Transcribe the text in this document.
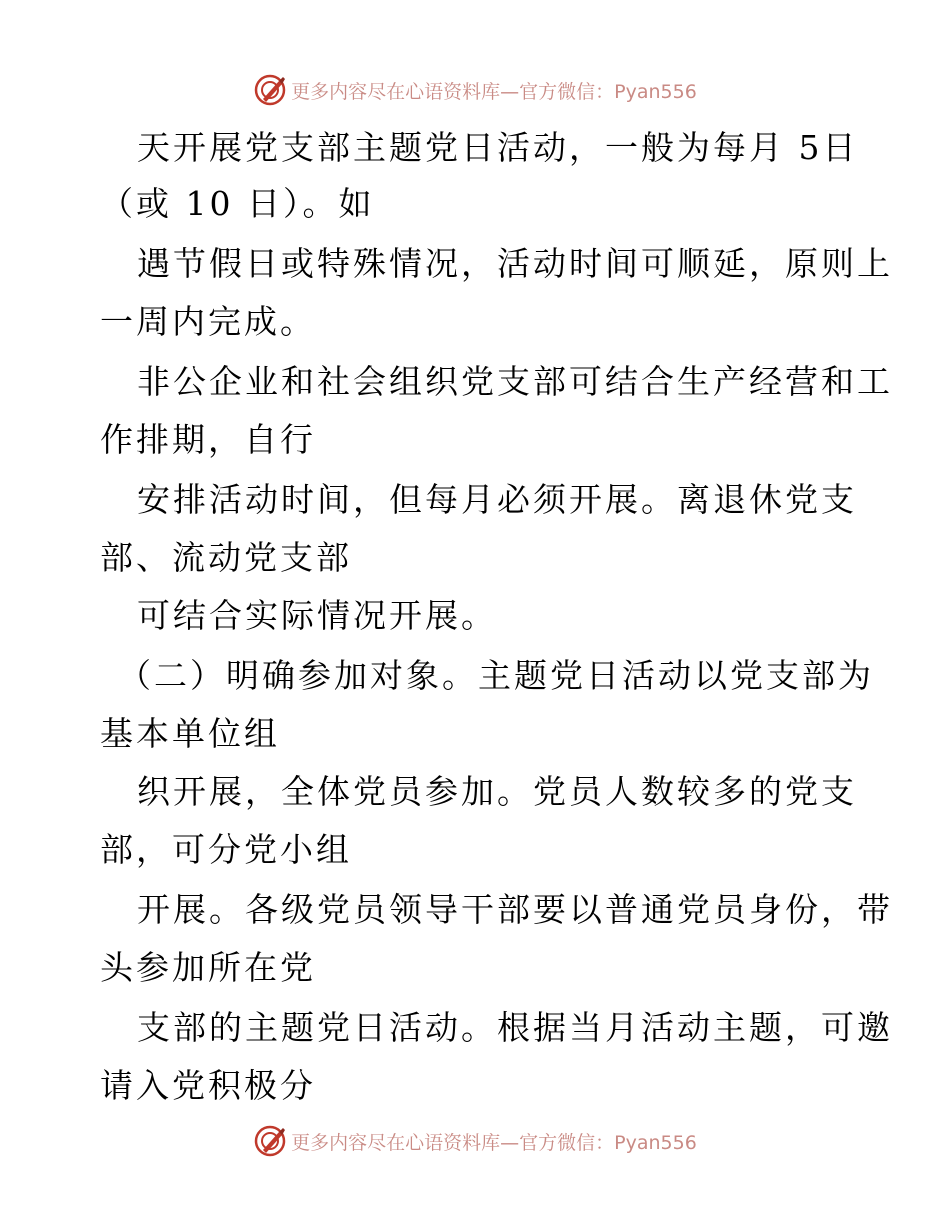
更多内容尽在心语资料库—官方微信：Pyan556
天开展党支部主题党日活动，一般为每月 5日
（或 10 日）。如
遇节假日或特殊情况，活动时间可顺延，原则上
一周内完成。
非公企业和社会组织党支部可结合生产经营和工
作排期，自行
安排活动时间，但每月必须开展。离退休党支
部、流动党支部
可结合实际情况开展。
（二）明确参加对象。主题党日活动以党支部为
基本单位组
织开展，全体党员参加。党员人数较多的党支
部，可分党小组
开展。各级党员领导干部要以普通党员身份，带
头参加所在党
支部的主题党日活动。根据当月活动主题，可邀
请入党积极分
更多内容尽在心语资料库—官方微信：Pyan556
